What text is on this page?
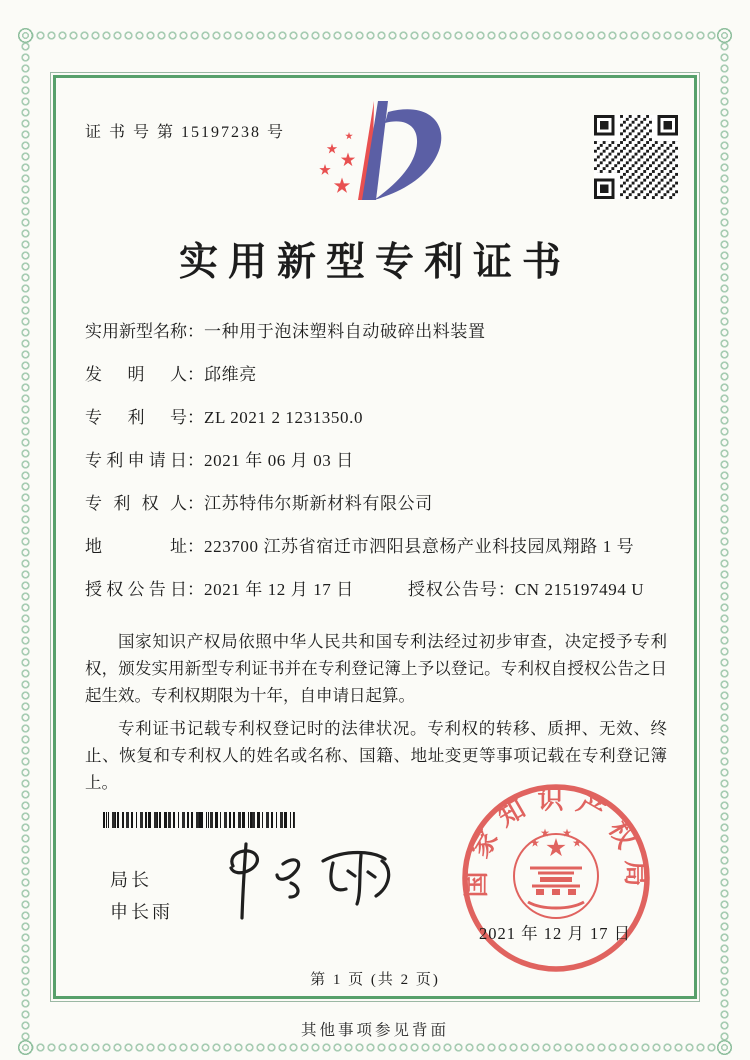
证 书 号 第 15197238 号
实用新型专利证书
实用新型名称：一种用于泡沫塑料自动破碎出料装置
发明人：邱维亮
专利号：ZL 2021 2 1231350.0
专利申请日：2021 年 06 月 03 日
专利权人：江苏特伟尔斯新材料有限公司
地址：223700 江苏省宿迁市泗阳县意杨产业科技园凤翔路 1 号
授权公告日：2021 年 12 月 17 日	授权公告号：CN 215197494 U

国家知识产权局依照中华人民共和国专利法经过初步审查，决定授予专利权，颁发实用新型专利证书并在专利登记簿上予以登记。专利权自授权公告之日起生效。专利权期限为十年，自申请日起算。

专利证书记载专利权登记时的法律状况。专利权的转移、质押、无效、终止、恢复和专利权人的姓名或名称、国籍、地址变更等事项记载在专利登记簿上。

局长
申长雨
国家知识产权局
2021 年 12 月 17 日
第 1 页 (共 2 页)
其他事项参见背面
